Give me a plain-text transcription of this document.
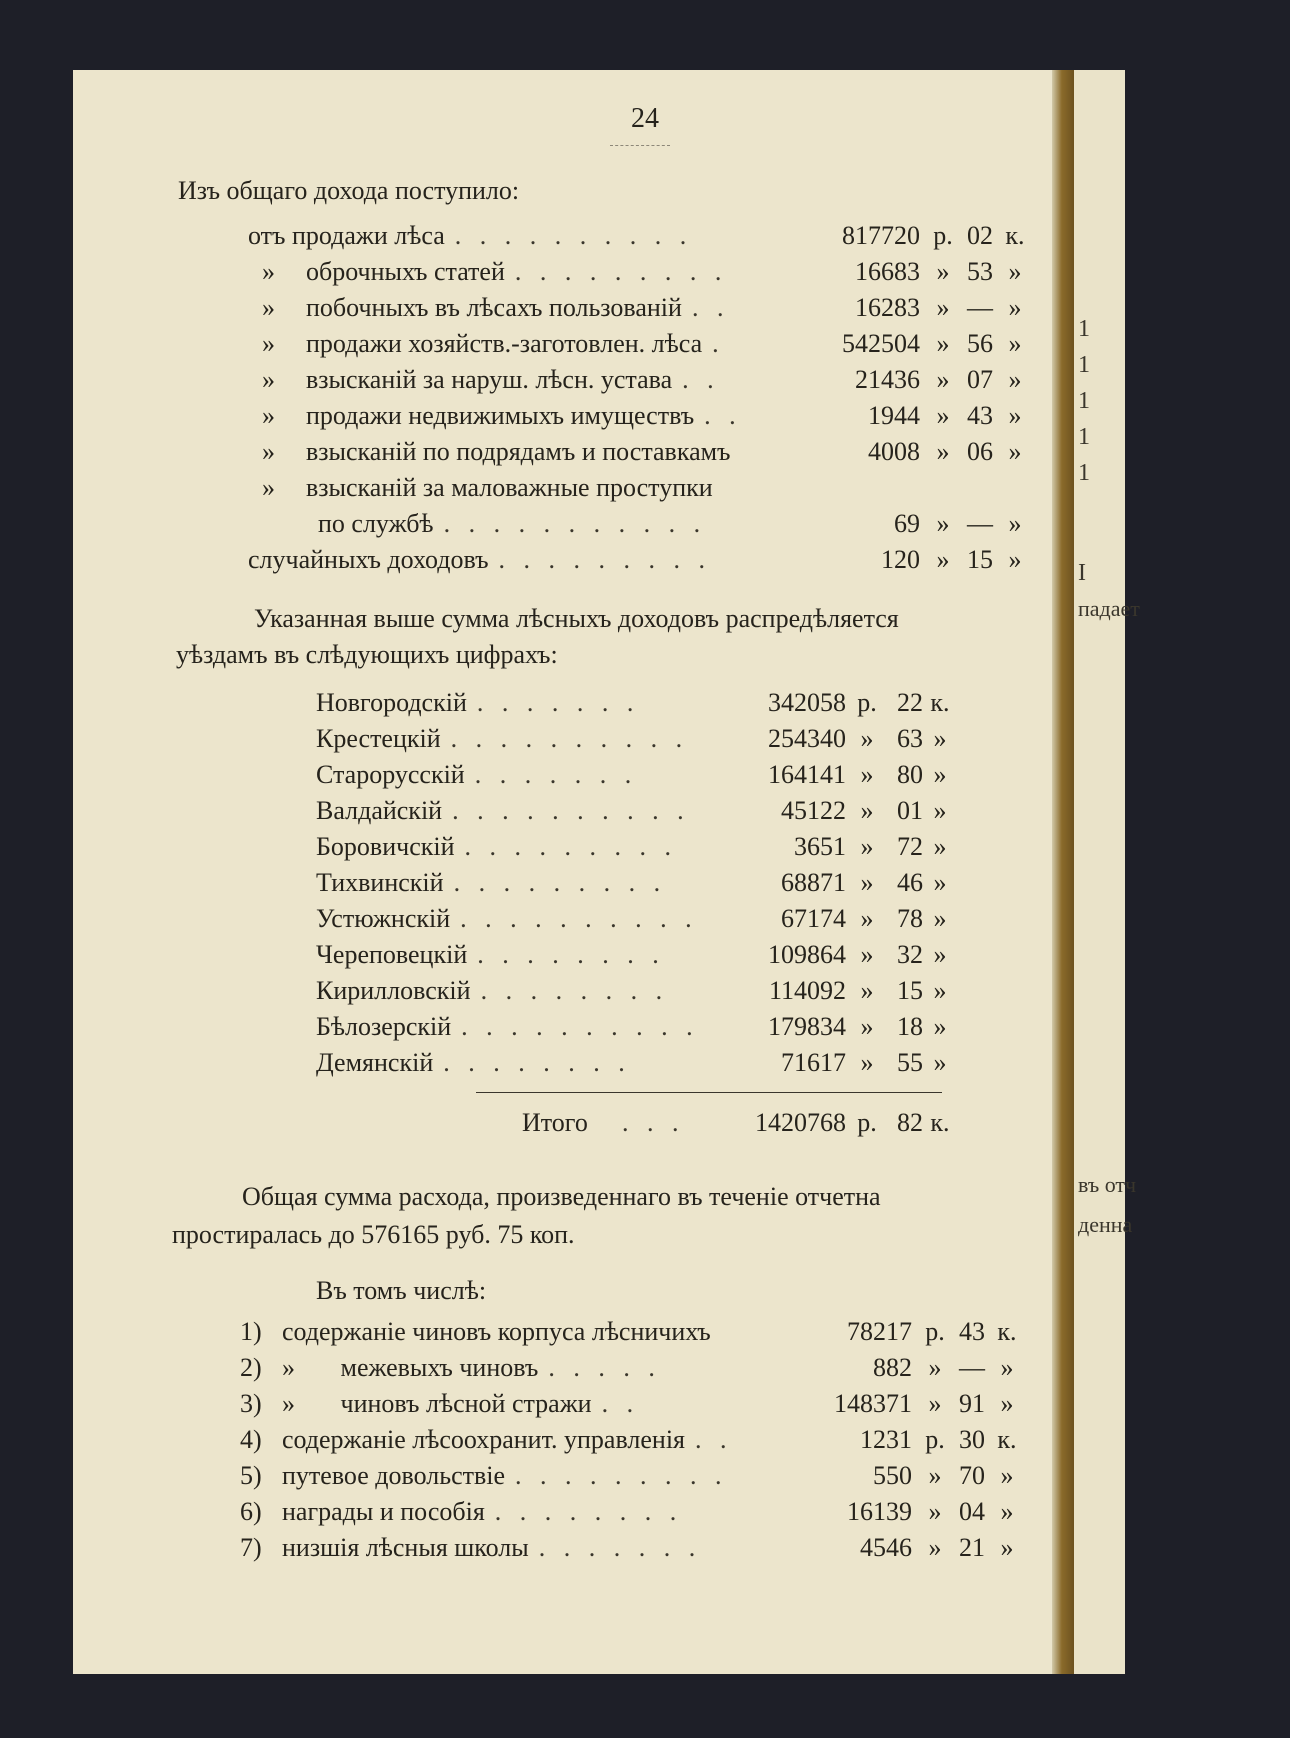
1
1
1
1
1
I
падает
въ отч
денна
24
Изъ общаго дохода поступило:
отъ продажи лѣса . . . . . . . . . .	817720 р. 02 к.
» оброчныхъ статей . . . . . . . . .	16683 » 53 »
» побочныхъ въ лѣсахъ пользованій . .	16283 » — »
» продажи хозяйств.-заготовлен. лѣса .	542504 » 56 »
» взысканій за наруш. лѣсн. устава . .	21436 » 07 »
» продажи недвижимыхъ имуществъ . .	1944 » 43 »
» взысканій по подрядамъ и поставкамъ	4008 » 06 »
» взысканій за маловажные проступки
по службѣ . . . . . . . . . . .	69 » — »
случайныхъ доходовъ . . . . . . . . .	120 » 15 »
Указанная выше сумма лѣсныхъ доходовъ распредѣляется
уѣздамъ въ слѣдующихъ цифрахъ:
Новгородскій . . . . . . .	342058 р. 22 к.
Крестецкій . . . . . . . . . .	254340 » 63 »
Старорусскій . . . . . . .	164141 » 80 »
Валдайскій . . . . . . . . . .	45122 » 01 »
Боровичскій . . . . . . . . .	3651 » 72 »
Тихвинскій . . . . . . . . .	68871 » 46 »
Устюжнскій . . . . . . . . . .	67174 » 78 »
Череповецкій . . . . . . . .	109864 » 32 »
Кирилловскій . . . . . . . .	114092 » 15 »
Бѣлозерскій . . . . . . . . . .	179834 » 18 »
Демянскій . . . . . . . .	71617 » 55 »
Итого . . .	1420768 р. 82 к.
Общая сумма расхода, произведеннаго въ теченіе отчетна
простиралась до 576165 руб. 75 коп.
Въ томъ числѣ:
1) содержаніе чиновъ корпуса лѣсничихъ	78217 р. 43 к.
2) »       межевыхъ чиновъ . . . . .	882 » — »
3) »       чиновъ лѣсной стражи . .	148371 » 91 »
4) содержаніе лѣсоохранит. управленія . .	1231 р. 30 к.
5) путевое довольствіе . . . . . . . . .	550 » 70 »
6) награды и пособія . . . . . . . .	16139 » 04 »
7) низшія лѣсныя школы . . . . . . .	4546 » 21 »
